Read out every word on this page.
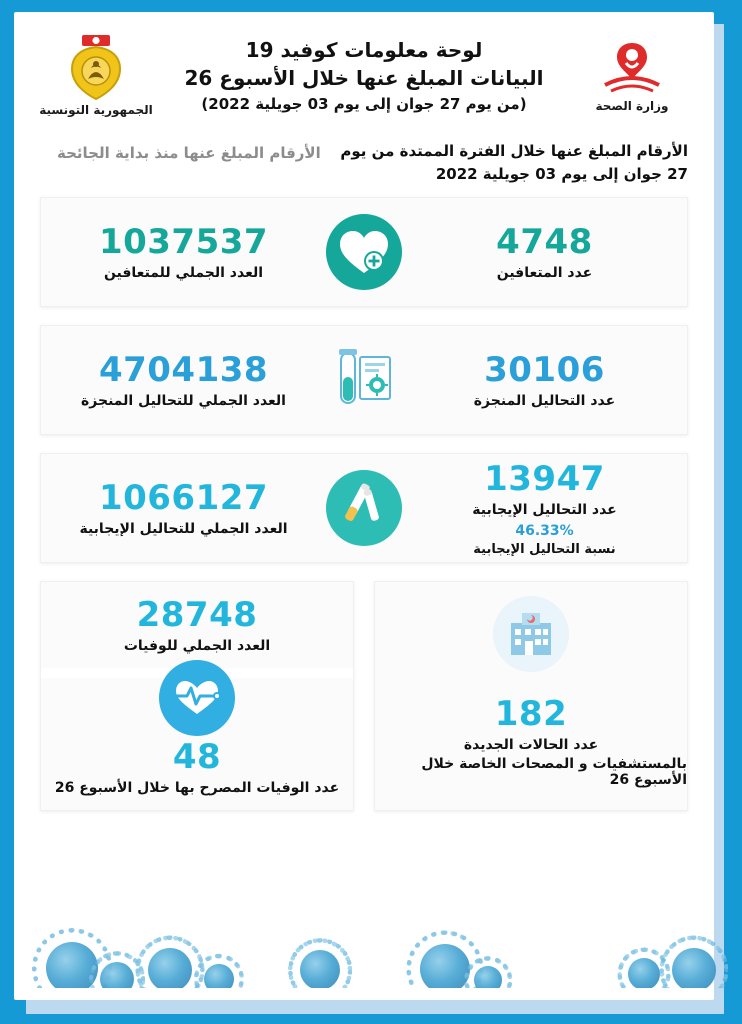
وزارة الصحة
لوحة معلومات كوفيد 19
البيانات المبلغ عنها خلال الأسبوع 26
(من يوم 27 جوان إلى يوم 03 جويلية 2022)
الجمهورية التونسية
الأرقام المبلغ عنها خلال الفترة الممتدة من يوم 27 جوان إلى يوم 03 جويلية 2022
الأرقام المبلغ عنها منذ بداية الجائحة
4748
عدد المتعافين
1037537
العدد الجملي للمتعافين
30106
عدد التحاليل المنجزة
4704138
العدد الجملي للتحاليل المنجزة
13947
عدد التحاليل الإيجابية
46.33%
نسبة التحاليل الإيجابية
1066127
العدد الجملي للتحاليل الإيجابية
182
عدد الحالات الجديدة
بالمستشفيات و المصحات الخاصة خلال الأسبوع 26
28748
العدد الجملي للوفيات
48
عدد الوفيات المصرح بها خلال الأسبوع 26
